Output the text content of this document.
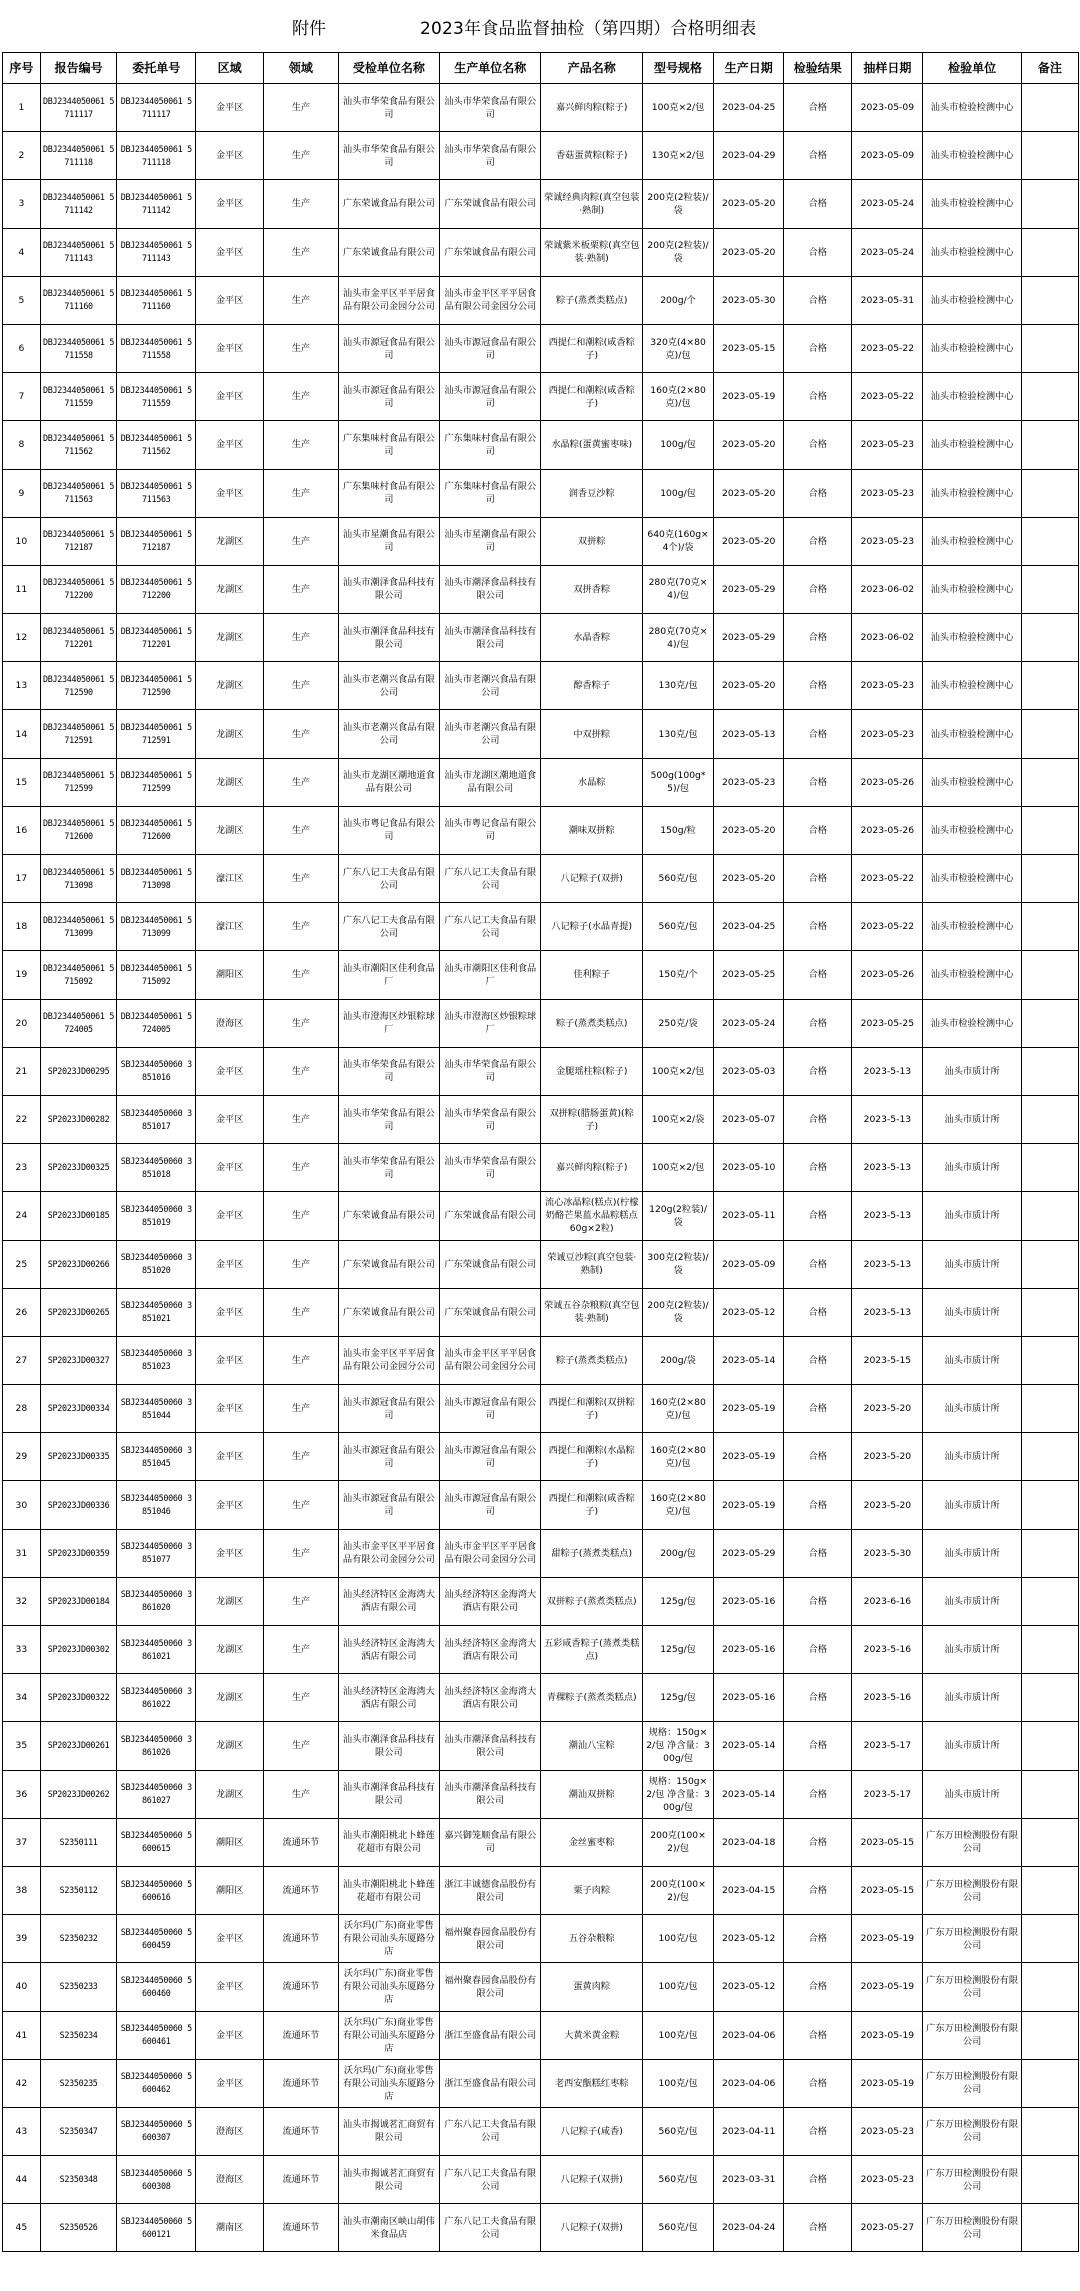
附件	2023年食品监督抽检（第四期）合格明细表
序号	报告编号	委托单号	区域	领域	受检单位名称	生产单位名称	产品名称	型号规格	生产日期	检验结果	抽样日期	检验单位	备注
1	DBJ2344050061 5711117	DBJ2344050061 5711117	金平区	生产	汕头市华荣食品有限公司	汕头市华荣食品有限公司	嘉兴鲜肉粽(粽子)	100克×2/包	2023-04-25	合格	2023-05-09	汕头市检验检测中心	
2	DBJ2344050061 5711118	DBJ2344050061 5711118	金平区	生产	汕头市华荣食品有限公司	汕头市华荣食品有限公司	香菇蛋黄粽(粽子)	130克×2/包	2023-04-29	合格	2023-05-09	汕头市检验检测中心	
3	DBJ2344050061 5711142	DBJ2344050061 5711142	金平区	生产	广东荣诚食品有限公司	广东荣诚食品有限公司	荣诚经典肉粽(真空包装·熟制)	200克(2粒装)/袋	2023-05-20	合格	2023-05-24	汕头市检验检测中心	
4	DBJ2344050061 5711143	DBJ2344050061 5711143	金平区	生产	广东荣诚食品有限公司	广东荣诚食品有限公司	荣诚紫米板栗粽(真空包装·熟制)	200克(2粒装)/袋	2023-05-20	合格	2023-05-24	汕头市检验检测中心	
5	DBJ2344050061 5711160	DBJ2344050061 5711160	金平区	生产	汕头市金平区平平居食品有限公司金园分公司	汕头市金平区平平居食品有限公司金园分公司	粽子(蒸煮类糕点)	200g/个	2023-05-30	合格	2023-05-31	汕头市检验检测中心	
6	DBJ2344050061 5711558	DBJ2344050061 5711558	金平区	生产	汕头市源冠食品有限公司	汕头市源冠食品有限公司	西提仁和潮粽(咸香粽子)	320克(4×80克)/包	2023-05-15	合格	2023-05-22	汕头市检验检测中心	
7	DBJ2344050061 5711559	DBJ2344050061 5711559	金平区	生产	汕头市源冠食品有限公司	汕头市源冠食品有限公司	西提仁和潮粽(咸香粽子)	160克(2×80克)/包	2023-05-19	合格	2023-05-22	汕头市检验检测中心	
8	DBJ2344050061 5711562	DBJ2344050061 5711562	金平区	生产	广东集味村食品有限公司	广东集味村食品有限公司	水晶粽(蛋黄蜜枣味)	100g/包	2023-05-20	合格	2023-05-23	汕头市检验检测中心	
9	DBJ2344050061 5711563	DBJ2344050061 5711563	金平区	生产	广东集味村食品有限公司	广东集味村食品有限公司	润香豆沙粽	100g/包	2023-05-20	合格	2023-05-23	汕头市检验检测中心	
10	DBJ2344050061 5712187	DBJ2344050061 5712187	龙湖区	生产	汕头市星潮食品有限公司	汕头市星潮食品有限公司	双拼粽	640克(160g×4个)/袋	2023-05-20	合格	2023-05-23	汕头市检验检测中心	
11	DBJ2344050061 5712200	DBJ2344050061 5712200	龙湖区	生产	汕头市潮泽食品科技有限公司	汕头市潮泽食品科技有限公司	双拼香粽	280克(70克×4)/包	2023-05-29	合格	2023-06-02	汕头市检验检测中心	
12	DBJ2344050061 5712201	DBJ2344050061 5712201	龙湖区	生产	汕头市潮泽食品科技有限公司	汕头市潮泽食品科技有限公司	水晶香粽	280克(70克×4)/包	2023-05-29	合格	2023-06-02	汕头市检验检测中心	
13	DBJ2344050061 5712590	DBJ2344050061 5712590	龙湖区	生产	汕头市老潮兴食品有限公司	汕头市老潮兴食品有限公司	醇香粽子	130克/包	2023-05-20	合格	2023-05-23	汕头市检验检测中心	
14	DBJ2344050061 5712591	DBJ2344050061 5712591	龙湖区	生产	汕头市老潮兴食品有限公司	汕头市老潮兴食品有限公司	中双拼粽	130克/包	2023-05-13	合格	2023-05-23	汕头市检验检测中心	
15	DBJ2344050061 5712599	DBJ2344050061 5712599	龙湖区	生产	汕头市龙湖区潮地道食品有限公司	汕头市龙湖区潮地道食品有限公司	水晶粽	500g(100g*5)/包	2023-05-23	合格	2023-05-26	汕头市检验检测中心	
16	DBJ2344050061 5712600	DBJ2344050061 5712600	龙湖区	生产	汕头市粤记食品有限公司	汕头市粤记食品有限公司	潮味双拼粽	150g/粒	2023-05-20	合格	2023-05-26	汕头市检验检测中心	
17	DBJ2344050061 5713098	DBJ2344050061 5713098	濠江区	生产	广东八记工夫食品有限公司	广东八记工夫食品有限公司	八记粽子(双拼)	560克/包	2023-05-20	合格	2023-05-22	汕头市检验检测中心	
18	DBJ2344050061 5713099	DBJ2344050061 5713099	濠江区	生产	广东八记工夫食品有限公司	广东八记工夫食品有限公司	八记粽子(水晶青提)	560克/包	2023-04-25	合格	2023-05-22	汕头市检验检测中心	
19	DBJ2344050061 5715092	DBJ2344050061 5715092	潮阳区	生产	汕头市潮阳区佳利食品厂	汕头市潮阳区佳利食品厂	佳利粽子	150克/个	2023-05-25	合格	2023-05-26	汕头市检验检测中心	
20	DBJ2344050061 5724005	DBJ2344050061 5724005	澄海区	生产	汕头市澄海区炒银粽球厂	汕头市澄海区炒银粽球厂	粽子(蒸煮类糕点)	250克/袋	2023-05-24	合格	2023-05-25	汕头市检验检测中心	
21	SP2023JD00295	SBJ2344050060 3851016	金平区	生产	汕头市华荣食品有限公司	汕头市华荣食品有限公司	金腿瑶柱粽(粽子)	100克×2/包	2023-05-03	合格	2023-5-13	汕头市质计所	
22	SP2023JD00282	SBJ2344050060 3851017	金平区	生产	汕头市华荣食品有限公司	汕头市华荣食品有限公司	双拼粽(腊肠蛋黄)(粽子)	100克×2/袋	2023-05-07	合格	2023-5-13	汕头市质计所	
23	SP2023JD00325	SBJ2344050060 3851018	金平区	生产	汕头市华荣食品有限公司	汕头市华荣食品有限公司	嘉兴鲜肉粽(粽子)	100克×2/包	2023-05-10	合格	2023-5-13	汕头市质计所	
24	SP2023JD00185	SBJ2344050060 3851019	金平区	生产	广东荣诚食品有限公司	广东荣诚食品有限公司	流心冰晶粽(糕点)(柠檬奶酪芒果蓝水晶粽糕点60g×2粒)	120g(2粒装)/袋	2023-05-11	合格	2023-5-13	汕头市质计所	
25	SP2023JD00266	SBJ2344050060 3851020	金平区	生产	广东荣诚食品有限公司	广东荣诚食品有限公司	荣诚豆沙粽(真空包装·熟制)	300克(2粒装)/袋	2023-05-09	合格	2023-5-13	汕头市质计所	
26	SP2023JD00265	SBJ2344050060 3851021	金平区	生产	广东荣诚食品有限公司	广东荣诚食品有限公司	荣诚五谷杂粮粽(真空包装·熟制)	200克(2粒装)/袋	2023-05-12	合格	2023-5-13	汕头市质计所	
27	SP2023JD00327	SBJ2344050060 3851023	金平区	生产	汕头市金平区平平居食品有限公司金园分公司	汕头市金平区平平居食品有限公司金园分公司	粽子(蒸煮类糕点)	200g/袋	2023-05-14	合格	2023-5-15	汕头市质计所	
28	SP2023JD00334	SBJ2344050060 3851044	金平区	生产	汕头市源冠食品有限公司	汕头市源冠食品有限公司	西提仁和潮粽(双拼粽子)	160克(2×80克)/包	2023-05-19	合格	2023-5-20	汕头市质计所	
29	SP2023JD00335	SBJ2344050060 3851045	金平区	生产	汕头市源冠食品有限公司	汕头市源冠食品有限公司	西提仁和潮粽(水晶粽子)	160克(2×80克)/包	2023-05-19	合格	2023-5-20	汕头市质计所	
30	SP2023JD00336	SBJ2344050060 3851046	金平区	生产	汕头市源冠食品有限公司	汕头市源冠食品有限公司	西提仁和潮粽(咸香粽子)	160克(2×80克)/包	2023-05-19	合格	2023-5-20	汕头市质计所	
31	SP2023JD00359	SBJ2344050060 3851077	金平区	生产	汕头市金平区平平居食品有限公司金园分公司	汕头市金平区平平居食品有限公司金园分公司	甜粽子(蒸煮类糕点)	200g/包	2023-05-29	合格	2023-5-30	汕头市质计所	
32	SP2023JD00184	SBJ2344050060 3861020	龙湖区	生产	汕头经济特区金海湾大酒店有限公司	汕头经济特区金海湾大酒店有限公司	双拼粽子(蒸煮类糕点)	125g/包	2023-05-16	合格	2023-6-16	汕头市质计所	
33	SP2023JD00302	SBJ2344050060 3861021	龙湖区	生产	汕头经济特区金海湾大酒店有限公司	汕头经济特区金海湾大酒店有限公司	五彩咸香粽子(蒸煮类糕点)	125g/包	2023-05-16	合格	2023-5-16	汕头市质计所	
34	SP2023JD00322	SBJ2344050060 3861022	龙湖区	生产	汕头经济特区金海湾大酒店有限公司	汕头经济特区金海湾大酒店有限公司	青稞粽子(蒸煮类糕点)	125g/包	2023-05-16	合格	2023-5-16	汕头市质计所	
35	SP2023JD00261	SBJ2344050060 3861026	龙湖区	生产	汕头市潮泽食品科技有限公司	汕头市潮泽食品科技有限公司	潮汕八宝粽	规格：150g×2/包 净含量：300g/包	2023-05-14	合格	2023-5-17	汕头市质计所	
36	SP2023JD00262	SBJ2344050060 3861027	龙湖区	生产	汕头市潮泽食品科技有限公司	汕头市潮泽食品科技有限公司	潮汕双拼粽	规格：150g×2/包 净含量：300g/包	2023-05-14	合格	2023-5-17	汕头市质计所	
37	S2350111	SBJ2344050060 5600615	潮阳区	流通环节	汕头市潮阳桃北卜蜂莲花超市有限公司	嘉兴御笼顺食品有限公司	金丝蜜枣粽	200克(100×2)/包	2023-04-18	合格	2023-05-15	广东万田检测股份有限公司	
38	S2350112	SBJ2344050060 5600616	潮阳区	流通环节	汕头市潮阳桃北卜蜂莲花超市有限公司	浙江丰诚德食品股份有限公司	栗子肉粽	200克(100×2)/包	2023-04-15	合格	2023-05-15	广东万田检测股份有限公司	
39	S2350232	SBJ2344050060 5600459	金平区	流通环节	沃尔玛(广东)商业零售有限公司汕头东厦路分店	福州聚春园食品股份有限公司	五谷杂粮粽	100克/包	2023-05-12	合格	2023-05-19	广东万田检测股份有限公司	
40	S2350233	SBJ2344050060 5600460	金平区	流通环节	沃尔玛(广东)商业零售有限公司汕头东厦路分店	福州聚春园食品股份有限公司	蛋黄肉粽	100克/包	2023-05-12	合格	2023-05-19	广东万田检测股份有限公司	
41	S2350234	SBJ2344050060 5600461	金平区	流通环节	沃尔玛(广东)商业零售有限公司汕头东厦路分店	浙江至盛食品有限公司	大黄米黄金粽	100克/包	2023-04-06	合格	2023-05-19	广东万田检测股份有限公司	
42	S2350235	SBJ2344050060 5600462	金平区	流通环节	沃尔玛(广东)商业零售有限公司汕头东厦路分店	浙江至盛食品有限公司	老西安甑糕红枣粽	100克/包	2023-04-06	合格	2023-05-19	广东万田检测股份有限公司	
43	S2350347	SBJ2344050060 5600307	澄海区	流通环节	汕头市揭诚茗汇商贸有限公司	广东八记工夫食品有限公司	八记粽子(咸香)	560克/包	2023-04-11	合格	2023-05-23	广东万田检测股份有限公司	
44	S2350348	SBJ2344050060 5600308	澄海区	流通环节	汕头市揭诚茗汇商贸有限公司	广东八记工夫食品有限公司	八记粽子(双拼)	560克/包	2023-03-31	合格	2023-05-23	广东万田检测股份有限公司	
45	S2350526	SBJ2344050060 5600121	潮南区	流通环节	汕头市潮南区峡山胡伟米食品店	广东八记工夫食品有限公司	八记粽子(双拼)	560克/包	2023-04-24	合格	2023-05-27	广东万田检测股份有限公司	
